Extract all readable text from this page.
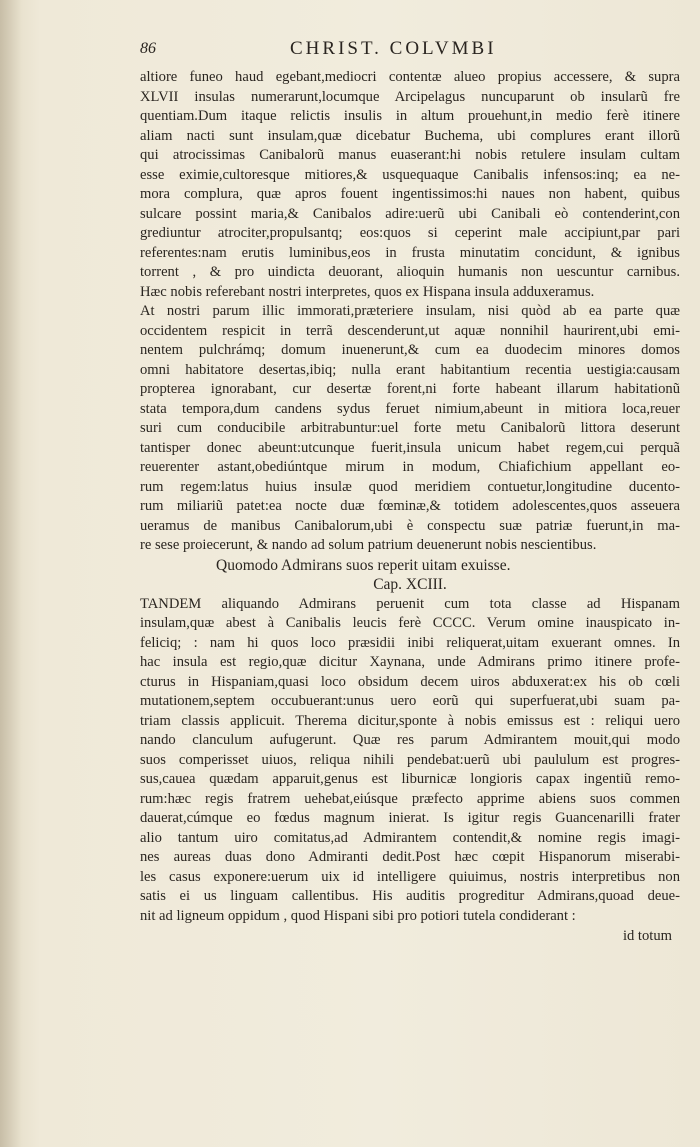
86	CHRIST. COLVMBI
altiore funeo haud egebant,mediocri contentæ alueo propius accessere, & supra
XLVII insulas numerarunt,locumque Arcipelagus nuncuparunt ob insularũ fre
quentiam.Dum itaque relictis insulis in altum prouehunt,in medio ferè itinere
aliam nacti sunt insulam,quæ dicebatur Buchema, ubi complures erant illorũ
qui atrocissimas Canibalorũ manus euaserant:hi nobis retulere insulam cultam
esse eximie,cultoresque mitiores,& usquequaque Canibalis infensos:inq; ea ne-
mora complura, quæ apros fouent ingentissimos:hi naues non habent, quibus
sulcare possint maria,& Canibalos adire:uerũ ubi Canibali eò contenderint,con
grediuntur atrociter,propulsantq; eos:quos si ceperint male accipiunt,par pari
referentes:nam erutis luminibus,eos in frusta minutatim concidunt, & ignibus
torrent , & pro uindicta deuorant, alioquin humanis non uescuntur carnibus.
Hæc nobis referebant nostri interpretes, quos ex Hispana insula adduxeramus.
At nostri parum illic immorati,præteriere insulam, nisi quòd ab ea parte quæ
occidentem respicit in terrã descenderunt,ut aquæ nonnihil haurirent,ubi emi-
nentem pulchrámq; domum inuenerunt,& cum ea duodecim minores domos
omni habitatore desertas,ibiq; nulla erant habitantium recentia uestigia:causam
propterea ignorabant, cur desertæ forent,ni forte habeant illarum habitationũ
stata tempora,dum candens sydus feruet nimium,abeunt in mitiora loca,reuer
suri cum conducibile arbitrabuntur:uel forte metu Canibalorũ littora deserunt
tantisper donec abeunt:utcunque fuerit,insula unicum habet regem,cui perquã
reuerenter astant,obediúntque mirum in modum, Chiafichium appellant eo-
rum regem:latus huius insulæ quod meridiem contuetur,longitudine ducento-
rum miliariũ patet:ea nocte duæ fœminæ,& totidem adolescentes,quos asseuera
ueramus de manibus Canibalorum,ubi è conspectu suæ patriæ fuerunt,in ma-
re sese proiecerunt, & nando ad solum patrium deuenerunt nobis nescientibus.
Quomodo Admirans suos reperit uitam exuisse.
Cap. XCIII.
TANDEM aliquando Admirans peruenit cum tota classe ad Hispanam
insulam,quæ abest à Canibalis leucis ferè CCCC. Verum omine inauspicato in-
feliciq; : nam hi quos loco præsidii inibi reliquerat,uitam exuerant omnes. In
hac insula est regio,quæ dicitur Xaynana, unde Admirans primo itinere profe-
cturus in Hispaniam,quasi loco obsidum decem uiros abduxerat:ex his ob cœli
mutationem,septem occubuerant:unus uero eorũ qui superfuerat,ubi suam pa-
triam classis applicuit. Therema dicitur,sponte à nobis emissus est : reliqui uero
nando clanculum aufugerunt. Quæ res parum Admirantem mouit,qui modo
suos comperisset uiuos, reliqua nihili pendebat:uerũ ubi paululum est progres-
sus,cauea quædam apparuit,genus est liburnicæ longioris capax ingentiũ remo-
rum:hæc regis fratrem uehebat,eiúsque præfecto apprime abiens suos commen
dauerat,cúmque eo fœdus magnum inierat. Is igitur regis Guancenarilli frater
alio tantum uiro comitatus,ad Admirantem contendit,& nomine regis imagi-
nes aureas duas dono Admiranti dedit.Post hæc cœpit Hispanorum miserabi-
les casus exponere:uerum uix id intelligere quiuimus, nostris interpretibus non
satis ei us linguam callentibus. His auditis progreditur Admirans,quoad deue-
nit ad ligneum oppidum , quod Hispani sibi pro potiori tutela condiderant :
id totum
